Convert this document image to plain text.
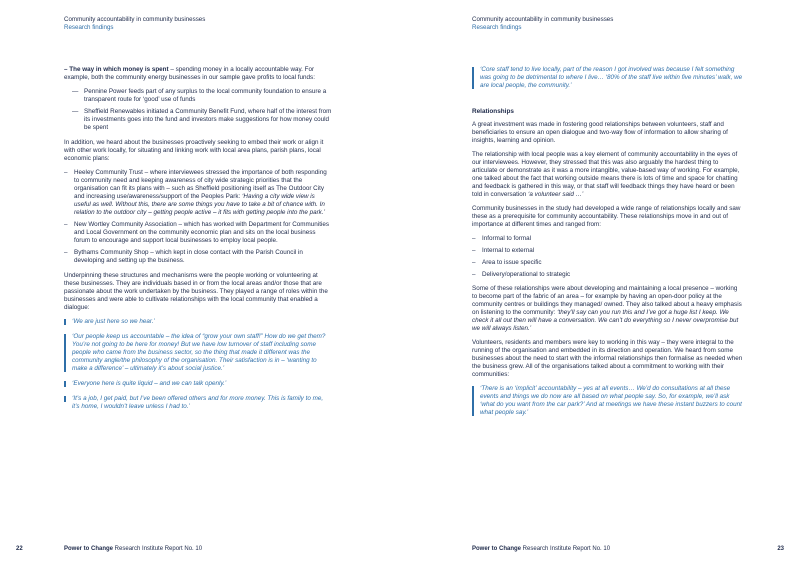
Community accountability in community businesses
Research findings

– The way in which money is spent – spending money in a locally accountable way. For example, both the community energy businesses in our sample gave profits to local funds:

— Pennine Power feeds part of any surplus to the local community foundation to ensure a transparent route for ‘good’ use of funds
— Sheffield Renewables initiated a Community Benefit Fund, where half of the interest from its investments goes into the fund and investors make suggestions for how money could be spent

In addition, we heard about the businesses proactively seeking to embed their work or align it with other work locally, for situating and linking work with local area plans, parish plans, local economic plans:

– Heeley Community Trust – where interviewees stressed the importance of both responding to community need and keeping awareness of city wide strategic priorities that the organisation can fit its plans with – such as Sheffield positioning itself as The Outdoor City and increasing use/awareness/support of the Peoples Park: ‘Having a city wide view is useful as well. Without this, there are some things you have to take a bit of chance with. In relation to the outdoor city – getting people active – it fits with getting people into the park.’
– New Wortley Community Association – which has worked with Department for Communities and Local Government on the community economic plan and sits on the local business forum to encourage and support local businesses to employ local people.
– Bythams Community Shop – which kept in close contact with the Parish Council in developing and setting up the business.

Underpinning these structures and mechanisms were the people working or volunteering at these businesses. They are individuals based in or from the local areas and/or those that are passionate about the work undertaken by the business. They played a range of roles within the businesses and were able to cultivate relationships with the local community that enabled a dialogue:

‘We are just here so we hear.’
‘Our people keep us accountable – the idea of “grow your own staff!” How do we get them? You’re not going to be here for money! But we have low turnover of staff including some people who came from the business sector, so the thing that made it different was the community angle/the philosophy of the organisation. Their satisfaction is in – ‘wanting to make a difference’ – ultimately it’s about social justice.’
‘Everyone here is quite liquid – and we can talk openly.’
‘It’s a job, I get paid, but I’ve been offered others and for more money. This is family to me, it’s home, I wouldn’t leave unless I had to.’
22	Power to Change Research Institute Report No. 10
Community accountability in community businesses
Research findings
‘Core staff tend to live locally, part of the reason I got involved was because I felt something was going to be detrimental to where I live… ‘80% of the staff live within five minutes’ walk, we are local people, the community.’
Relationships

A great investment was made in fostering good relationships between volunteers, staff and beneficiaries to ensure an open dialogue and two-way flow of information to allow sharing of insights, learning and opinion.

The relationship with local people was a key element of community accountability in the eyes of our interviewees. However, they stressed that this was also arguably the hardest thing to articulate or demonstrate as it was a more intangible, value-based way of working. For example, one talked about the fact that working outside means there is lots of time and space for chatting and feedback is gathered in this way, or that staff will feedback things they have heard or been told in conversation ‘a volunteer said …’

Community businesses in the study had developed a wide range of relationships locally and saw these as a prerequisite for community accountability. These relationships move in and out of importance at different times and ranged from:

– Informal to formal
– Internal to external
– Area to issue specific
– Delivery/operational to strategic

Some of these relationships were about developing and maintaining a local presence – working to become part of the fabric of an area – for example by having an open-door policy at the community centres or buildings they managed/ owned. They also talked about a heavy emphasis on listening to the community: ‘they’ll say can you run this and I’ve got a huge list I keep. We check it all out then will have a conversation. We can’t do everything so I never overpromise but we will always listen.’

Volunteers, residents and members were key to working in this way – they were integral to the running of the organisation and embedded in its direction and operation. We heard from some businesses about the need to start with the informal relationships then formalise as needed when the business grew. All of the organisations talked about a commitment to working with their communities:

‘There is an ‘implicit’ accountability – yes at all events… We’d do consultations at all these events and things we do now are all based on what people say. So, for example, we’ll ask ‘what do you want from the car park?’ And at meetings we have these instant buzzers to count what people say.’
Power to Change Research Institute Report No. 10	23
